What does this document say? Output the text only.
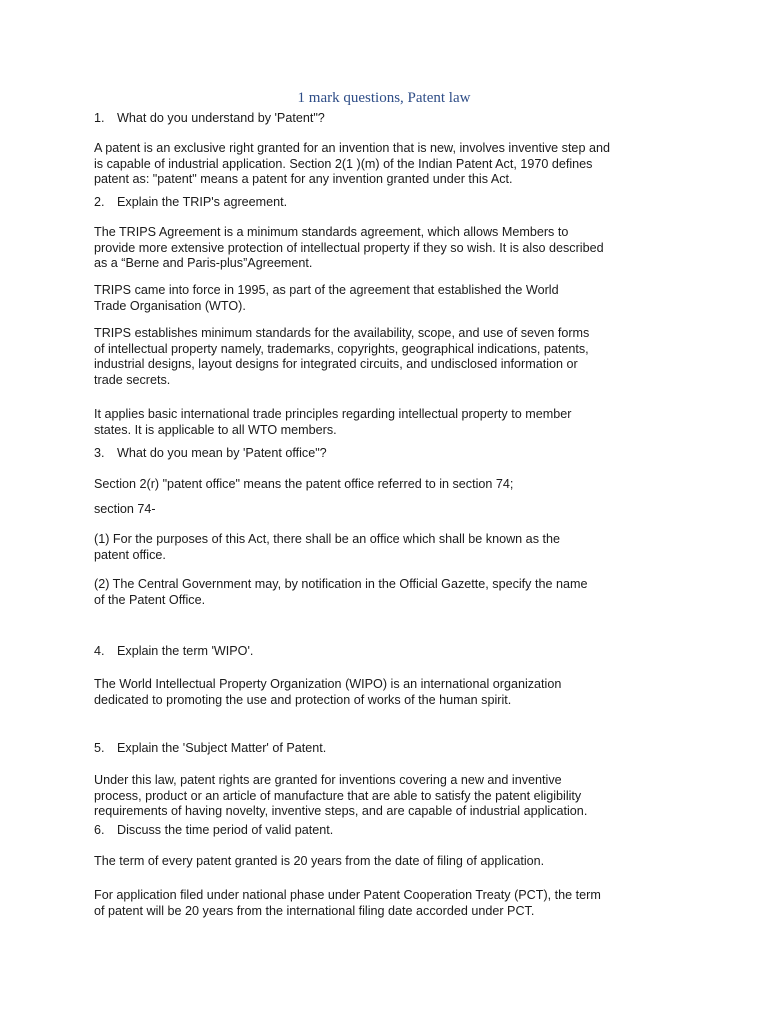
1 mark questions, Patent law
1. What do you understand by 'Patent"?
A patent is an exclusive right granted for an invention that is new, involves inventive step and
is capable of industrial application. Section 2(1 )(m) of the Indian Patent Act, 1970 defines
patent as: "patent" means a patent for any invention granted under this Act.
2. Explain the TRIP's agreement.
The TRIPS Agreement is a minimum standards agreement, which allows Members to
provide more extensive protection of intellectual property if they so wish. It is also described
as a “Berne and Paris-plus”Agreement.
TRIPS came into force in 1995, as part of the agreement that established the World
Trade Organisation (WTO).
TRIPS establishes minimum standards for the availability, scope, and use of seven forms
of intellectual property namely, trademarks, copyrights, geographical indications, patents,
industrial designs, layout designs for integrated circuits, and undisclosed information or
trade secrets.
It applies basic international trade principles regarding intellectual property to member
states. It is applicable to all WTO members.
3. What do you mean by 'Patent office"?
Section 2(r) "patent office" means the patent office referred to in section 74;
section 74-
(1) For the purposes of this Act, there shall be an office which shall be known as the
patent office.
(2) The Central Government may, by notification in the Official Gazette, specify the name
of the Patent Office.
4. Explain the term 'WIPO'.
The World Intellectual Property Organization (WIPO) is an international organization
dedicated to promoting the use and protection of works of the human spirit.
5. Explain the 'Subject Matter' of Patent.
Under this law, patent rights are granted for inventions covering a new and inventive
process, product or an article of manufacture that are able to satisfy the patent eligibility
requirements of having novelty, inventive steps, and are capable of industrial application.
6. Discuss the time period of valid patent.
The term of every patent granted is 20 years from the date of filing of application.
For application filed under national phase under Patent Cooperation Treaty (PCT), the term
of patent will be 20 years from the international filing date accorded under PCT.
